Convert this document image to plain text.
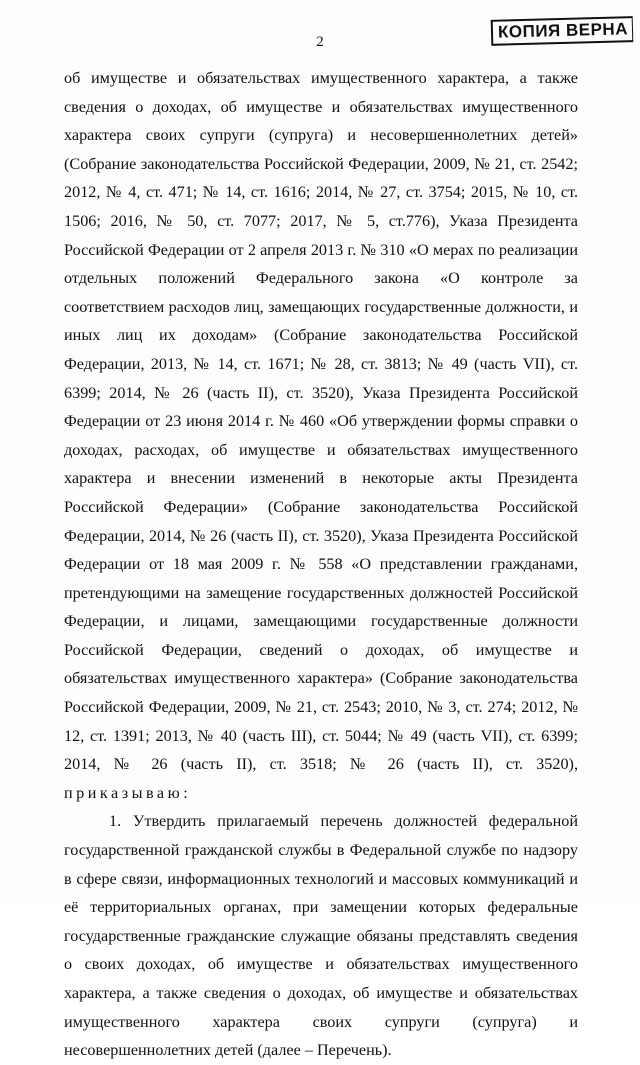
2
КОПИЯ ВЕРНА

об имуществе и обязательствах имущественного характера, а также сведения о доходах, об имуществе и обязательствах имущественного характера своих супруги (супруга) и несовершеннолетних детей» (Собрание законодательства Российской Федерации, 2009, № 21, ст. 2542; 2012, № 4, ст. 471; № 14, ст. 1616; 2014, № 27, ст. 3754; 2015, № 10, ст. 1506; 2016, № 50, ст. 7077; 2017, № 5, ст.776), Указа Президента Российской Федерации от 2 апреля 2013 г. № 310 «О мерах по реализации отдельных положений Федерального закона «О контроле за соответствием расходов лиц, замещающих государственные должности, и иных лиц их доходам» (Собрание законодательства Российской Федерации, 2013, № 14, ст. 1671; № 28, ст. 3813; № 49 (часть VII), ст. 6399; 2014, № 26 (часть II), ст. 3520), Указа Президента Российской Федерации от 23 июня 2014 г. № 460 «Об утверждении формы справки о доходах, расходах, об имуществе и обязательствах имущественного характера и внесении изменений в некоторые акты Президента Российской Федерации» (Собрание законодательства Российской Федерации, 2014, № 26 (часть II), ст. 3520), Указа Президента Российской Федерации от 18 мая 2009 г. № 558 «О представлении гражданами, претендующими на замещение государственных должностей Российской Федерации, и лицами, замещающими государственные должности Российской Федерации, сведений о доходах, об имуществе и обязательствах имущественного характера» (Собрание законодательства Российской Федерации, 2009, № 21, ст. 2543; 2010, № 3, ст. 274; 2012, № 12, ст. 1391; 2013, № 40 (часть III), ст. 5044; № 49 (часть VII), ст. 6399; 2014, № 26 (часть II), ст. 3518; № 26 (часть II), ст. 3520), приказываю:

1. Утвердить прилагаемый перечень должностей федеральной государственной гражданской службы в Федеральной службе по надзору в сфере связи, информационных технологий и массовых коммуникаций и её территориальных органах, при замещении которых федеральные государственные гражданские служащие обязаны представлять сведения о своих доходах, об имуществе и обязательствах имущественного характера, а также сведения о доходах, об имуществе и обязательствах имущественного характера своих супруги (супруга) и несовершеннолетних детей (далее – Перечень).
